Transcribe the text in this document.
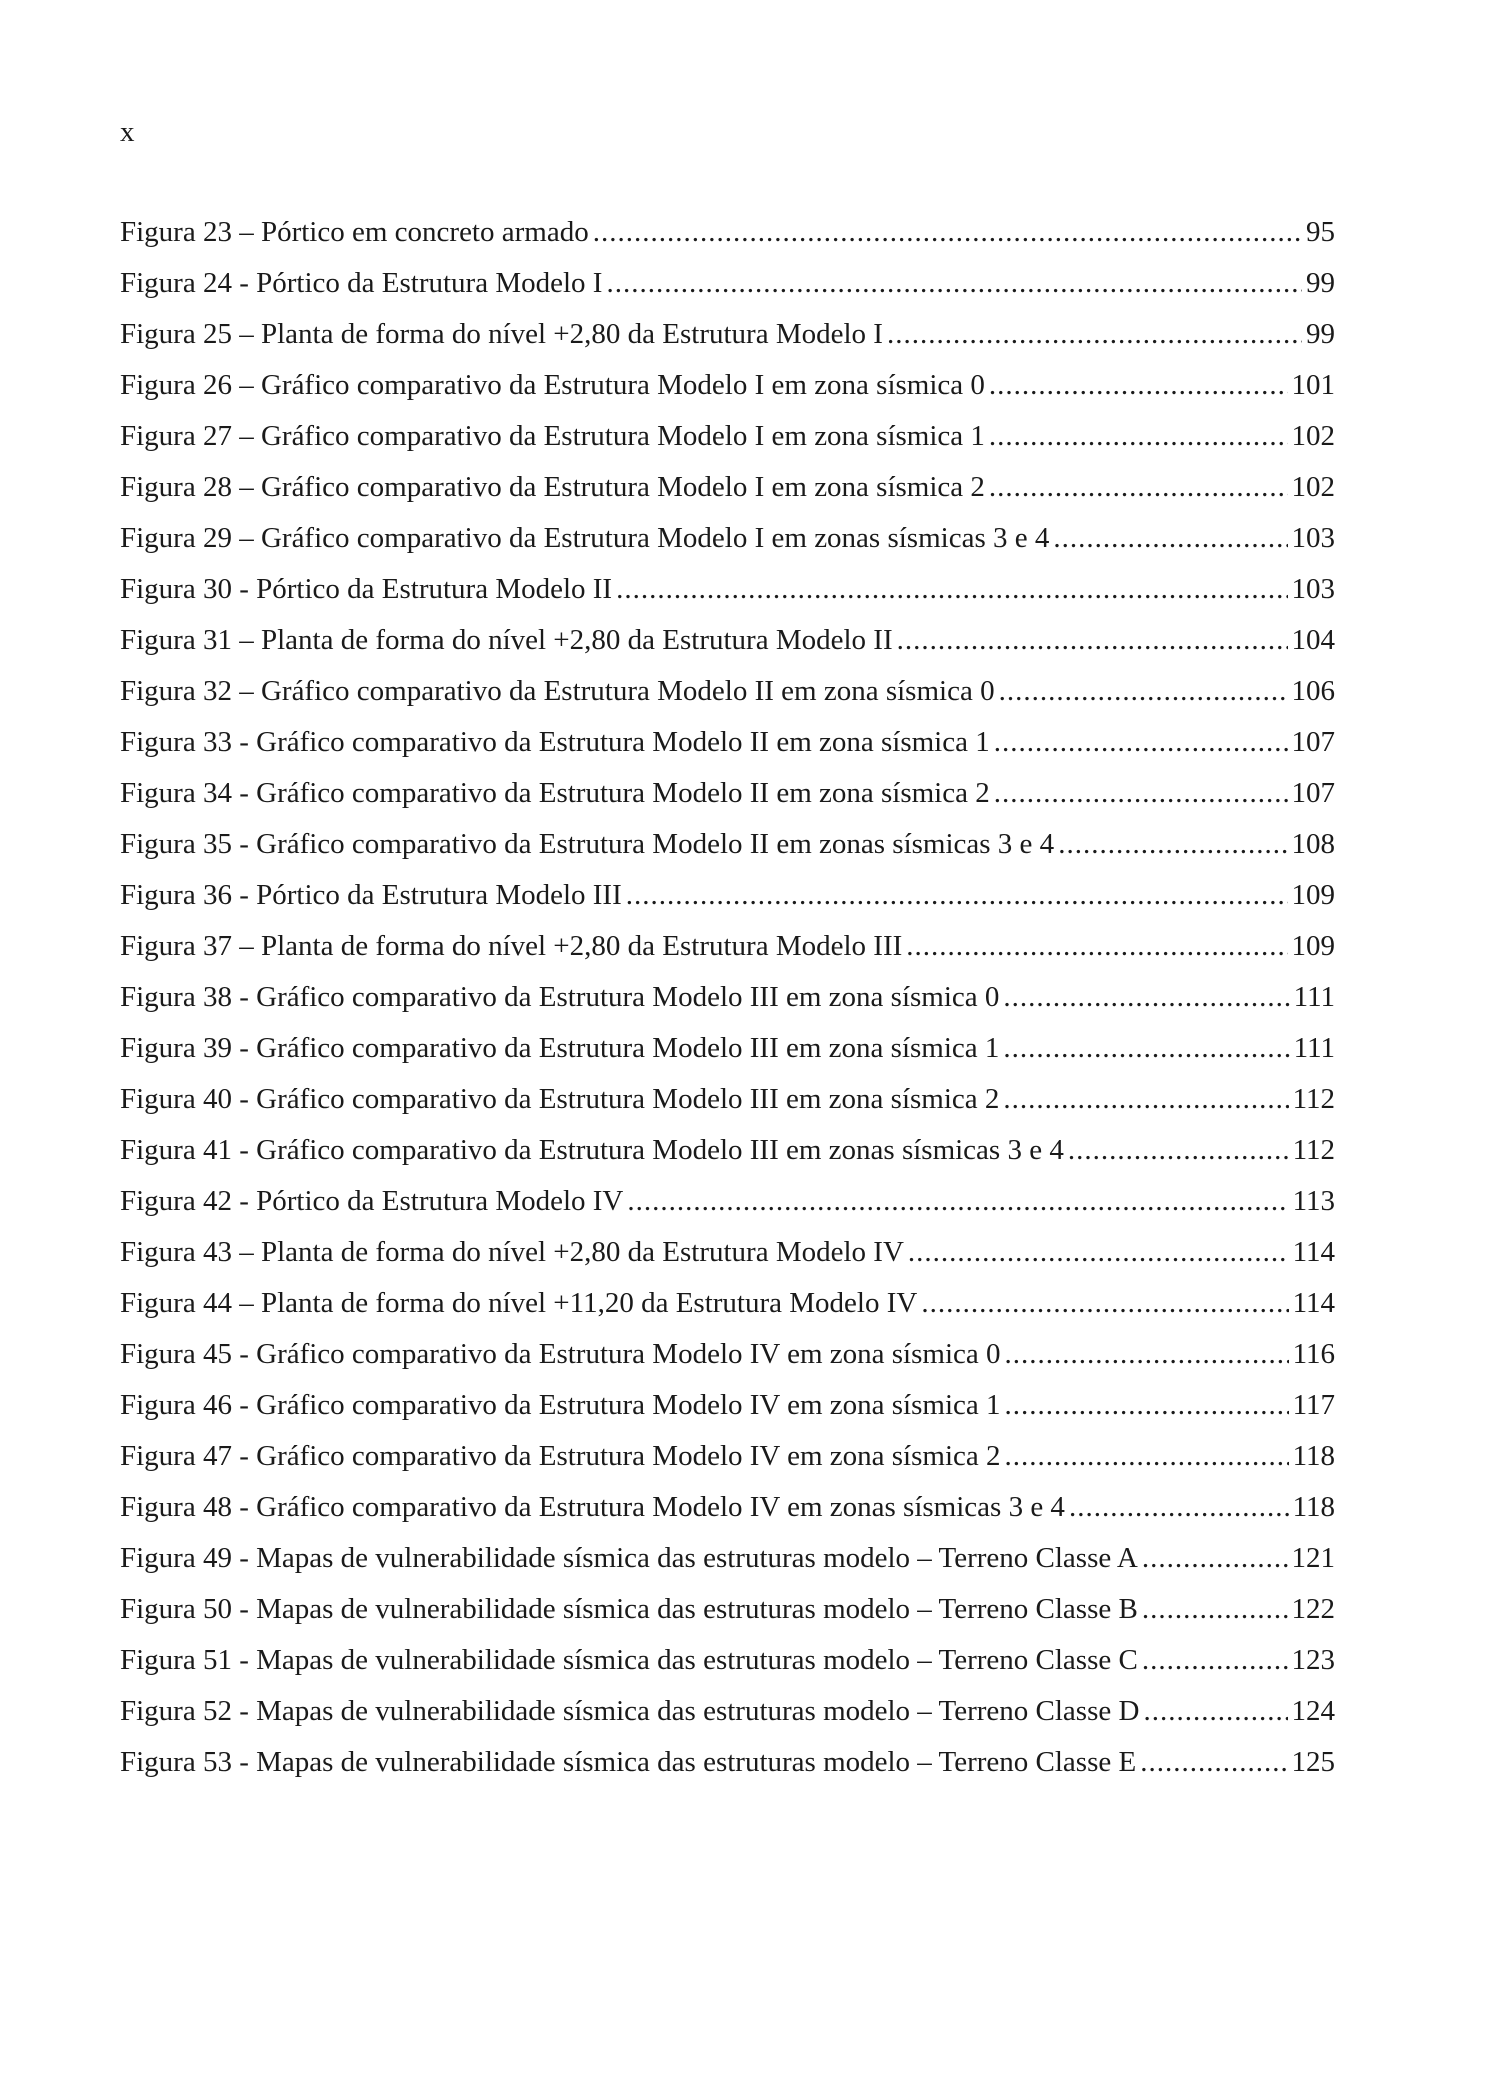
x
Figura 23 – Pórtico em concreto armado .....	95
Figura 24 - Pórtico da Estrutura Modelo I .....	99
Figura 25 – Planta de forma do nível +2,80 da Estrutura Modelo I .....	99
Figura 26 – Gráfico comparativo da Estrutura Modelo I em zona sísmica 0 .....	101
Figura 27 – Gráfico comparativo da Estrutura Modelo I em zona sísmica 1 .....	102
Figura 28 – Gráfico comparativo da Estrutura Modelo I em zona sísmica 2 .....	102
Figura 29 – Gráfico comparativo da Estrutura Modelo I em zonas sísmicas 3 e 4 .....	103
Figura 30 - Pórtico da Estrutura Modelo II .....	103
Figura 31 – Planta de forma do nível +2,80 da Estrutura Modelo II .....	104
Figura 32 – Gráfico comparativo da Estrutura Modelo II em zona sísmica 0 .....	106
Figura 33 - Gráfico comparativo da Estrutura Modelo II em zona sísmica 1 .....	107
Figura 34 - Gráfico comparativo da Estrutura Modelo II em zona sísmica 2 .....	107
Figura 35 - Gráfico comparativo da Estrutura Modelo II em zonas sísmicas 3 e 4 .....	108
Figura 36 - Pórtico da Estrutura Modelo III .....	109
Figura 37 – Planta de forma do nível +2,80 da Estrutura Modelo III .....	109
Figura 38 - Gráfico comparativo da Estrutura Modelo III em zona sísmica 0 .....	111
Figura 39 - Gráfico comparativo da Estrutura Modelo III em zona sísmica 1 .....	111
Figura 40 - Gráfico comparativo da Estrutura Modelo III em zona sísmica 2 .....	112
Figura 41 - Gráfico comparativo da Estrutura Modelo III em zonas sísmicas 3 e 4 .....	112
Figura 42 - Pórtico da Estrutura Modelo IV .....	113
Figura 43 – Planta de forma do nível +2,80 da Estrutura Modelo IV .....	114
Figura 44 – Planta de forma do nível +11,20 da Estrutura Modelo IV .....	114
Figura 45 - Gráfico comparativo da Estrutura Modelo IV em zona sísmica 0 .....	116
Figura 46 - Gráfico comparativo da Estrutura Modelo IV em zona sísmica 1 .....	117
Figura 47 - Gráfico comparativo da Estrutura Modelo IV em zona sísmica 2 .....	118
Figura 48 - Gráfico comparativo da Estrutura Modelo IV em zonas sísmicas 3 e 4 .....	118
Figura 49 - Mapas de vulnerabilidade sísmica das estruturas modelo – Terreno Classe A .....	121
Figura 50 - Mapas de vulnerabilidade sísmica das estruturas modelo – Terreno Classe B .....	122
Figura 51 - Mapas de vulnerabilidade sísmica das estruturas modelo – Terreno Classe C .....	123
Figura 52 - Mapas de vulnerabilidade sísmica das estruturas modelo – Terreno Classe D .....	124
Figura 53 - Mapas de vulnerabilidade sísmica das estruturas modelo – Terreno Classe E .....	125
